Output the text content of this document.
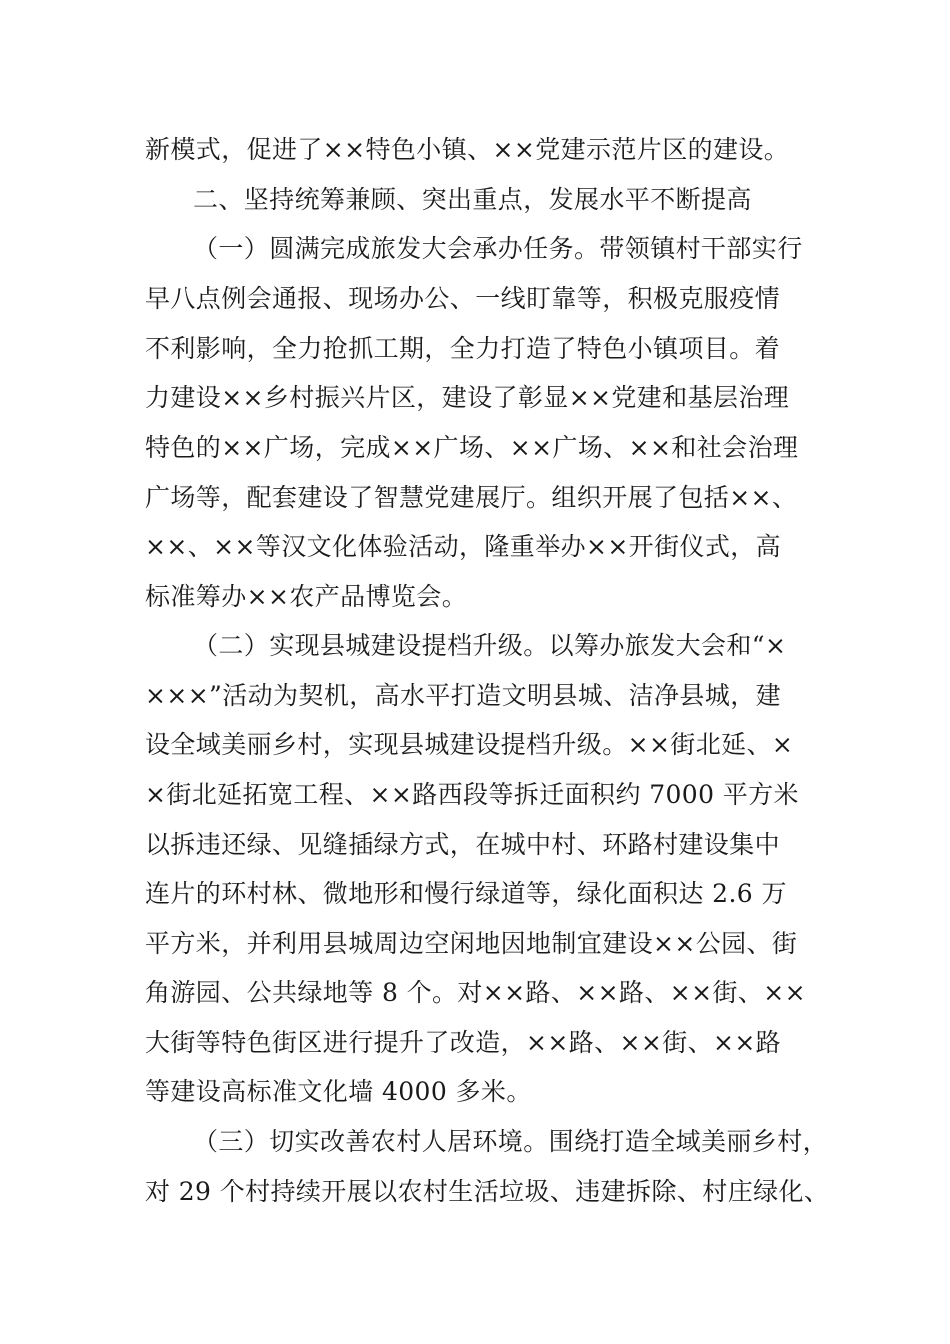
新模式，促进了××特色小镇、××党建示范片区的建设。
二、坚持统筹兼顾、突出重点，发展水平不断提高
（一）圆满完成旅发大会承办任务。带领镇村干部实行
早八点例会通报、现场办公、一线盯靠等，积极克服疫情
不利影响，全力抢抓工期，全力打造了特色小镇项目。着
力建设××乡村振兴片区，建设了彰显××党建和基层治理
特色的××广场，完成××广场、××广场、××和社会治理
广场等，配套建设了智慧党建展厅。组织开展了包括××、
××、××等汉文化体验活动，隆重举办××开街仪式，高
标准筹办××农产品博览会。
（二）实现县城建设提档升级。以筹办旅发大会和“×
×××”活动为契机，高水平打造文明县城、洁净县城，建
设全域美丽乡村，实现县城建设提档升级。××街北延、×
×街北延拓宽工程、××路西段等拆迁面积约 7000 平方米
以拆违还绿、见缝插绿方式，在城中村、环路村建设集中
连片的环村林、微地形和慢行绿道等，绿化面积达 2.6 万
平方米，并利用县城周边空闲地因地制宜建设××公园、街
角游园、公共绿地等 8 个。对××路、××路、××街、××
大街等特色街区进行提升了改造，××路、××街、××路
等建设高标准文化墙 4000 多米。
（三）切实改善农村人居环境。围绕打造全域美丽乡村，
对 29 个村持续开展以农村生活垃圾、违建拆除、村庄绿化、
